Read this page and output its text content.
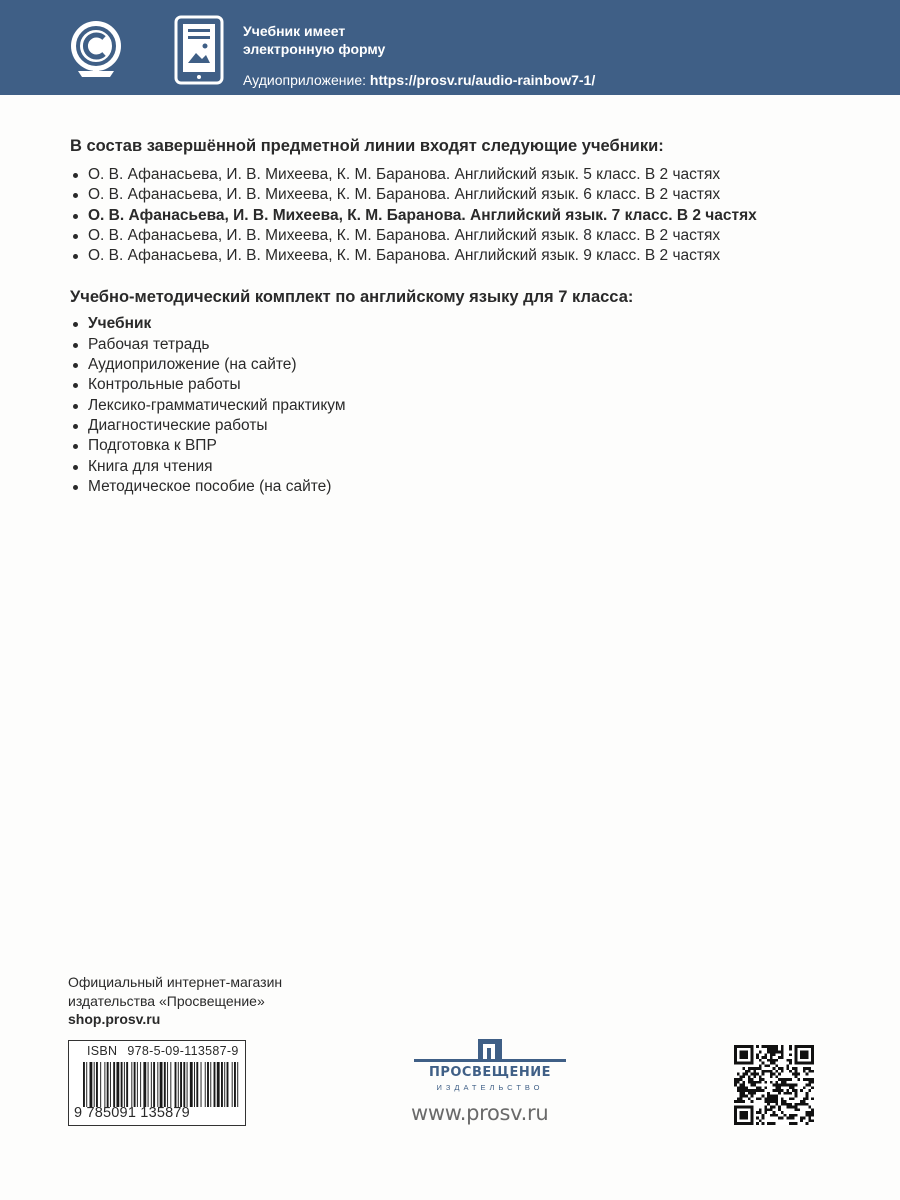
Учебник имеет
электронную форму
Аудиоприложение: https://prosv.ru/audio-rainbow7-1/
В состав завершённой предметной линии входят следующие учебники:
О. В. Афанасьева, И. В. Михеева, К. М. Баранова. Английский язык. 5 класс. В 2 частях
О. В. Афанасьева, И. В. Михеева, К. М. Баранова. Английский язык. 6 класс. В 2 частях
О. В. Афанасьева, И. В. Михеева, К. М. Баранова. Английский язык. 7 класс. В 2 частях
О. В. Афанасьева, И. В. Михеева, К. М. Баранова. Английский язык. 8 класс. В 2 частях
О. В. Афанасьева, И. В. Михеева, К. М. Баранова. Английский язык. 9 класс. В 2 частях
Учебно-методический комплект по английскому языку для 7 класса:
Учебник
Рабочая тетрадь
Аудиоприложение (на сайте)
Контрольные работы
Лексико-грамматический практикум
Диагностические работы
Подготовка к ВПР
Книга для чтения
Методическое пособие (на сайте)
Официальный интернет-магазин
издательства «Просвещение»
shop.prosv.ru
ISBN 978-5-09-113587-9
9 785091 135879
ПРОСВЕЩЕНИЕ
ИЗДАТЕЛЬСТВО
www.prosv.ru
